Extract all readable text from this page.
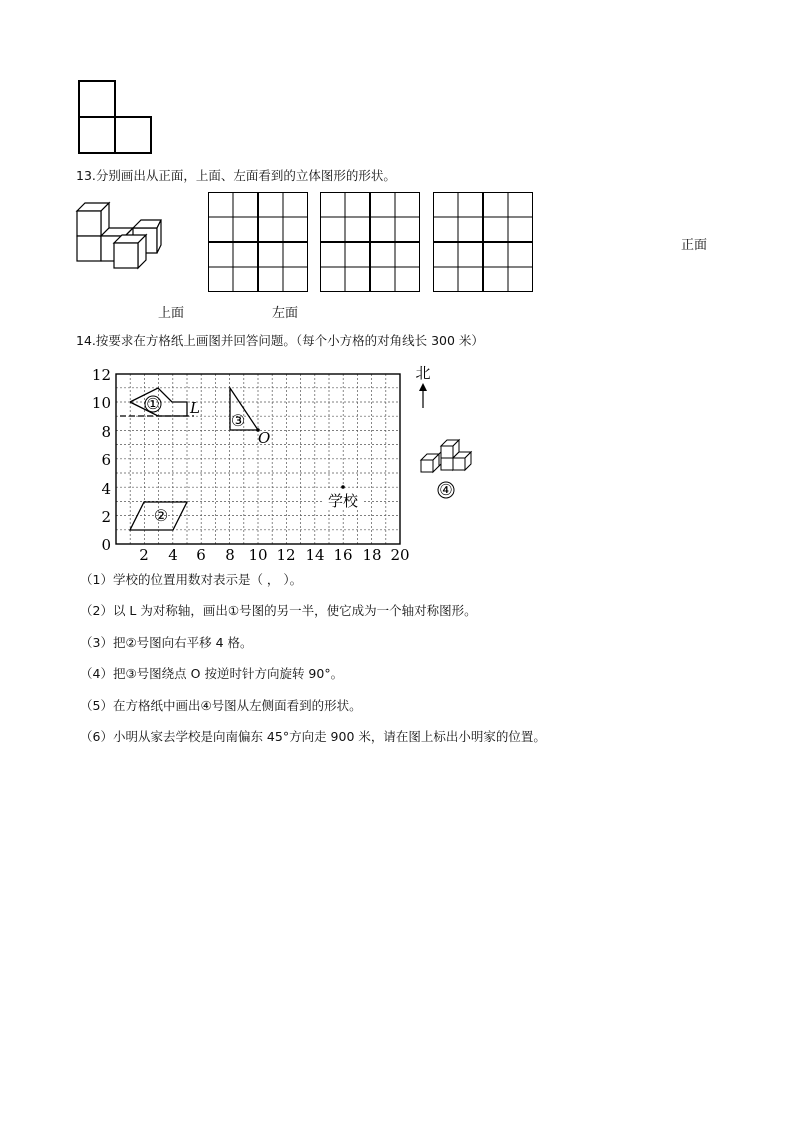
13.分别画出从正面，上面、左面看到的立体图形的形状。
正面
上面	左面
14.按要求在方格纸上画图并回答问题。（每个小方格的对角线长 300 米）
12
10
8
6
4
2
0
2 4 6 8 10 12 14 16 18 20
① L
③
O
②
学校
北
④
（1）学校的位置用数对表示是（ ， ）。
（2）以 L 为对称轴，画出①号图的另一半，使它成为一个轴对称图形。
（3）把②号图向右平移 4 格。
（4）把③号图绕点 O 按逆时针方向旋转 90°。
（5）在方格纸中画出④号图从左侧面看到的形状。
（6）小明从家去学校是向南偏东 45°方向走 900 米，请在图上标出小明家的位置。
